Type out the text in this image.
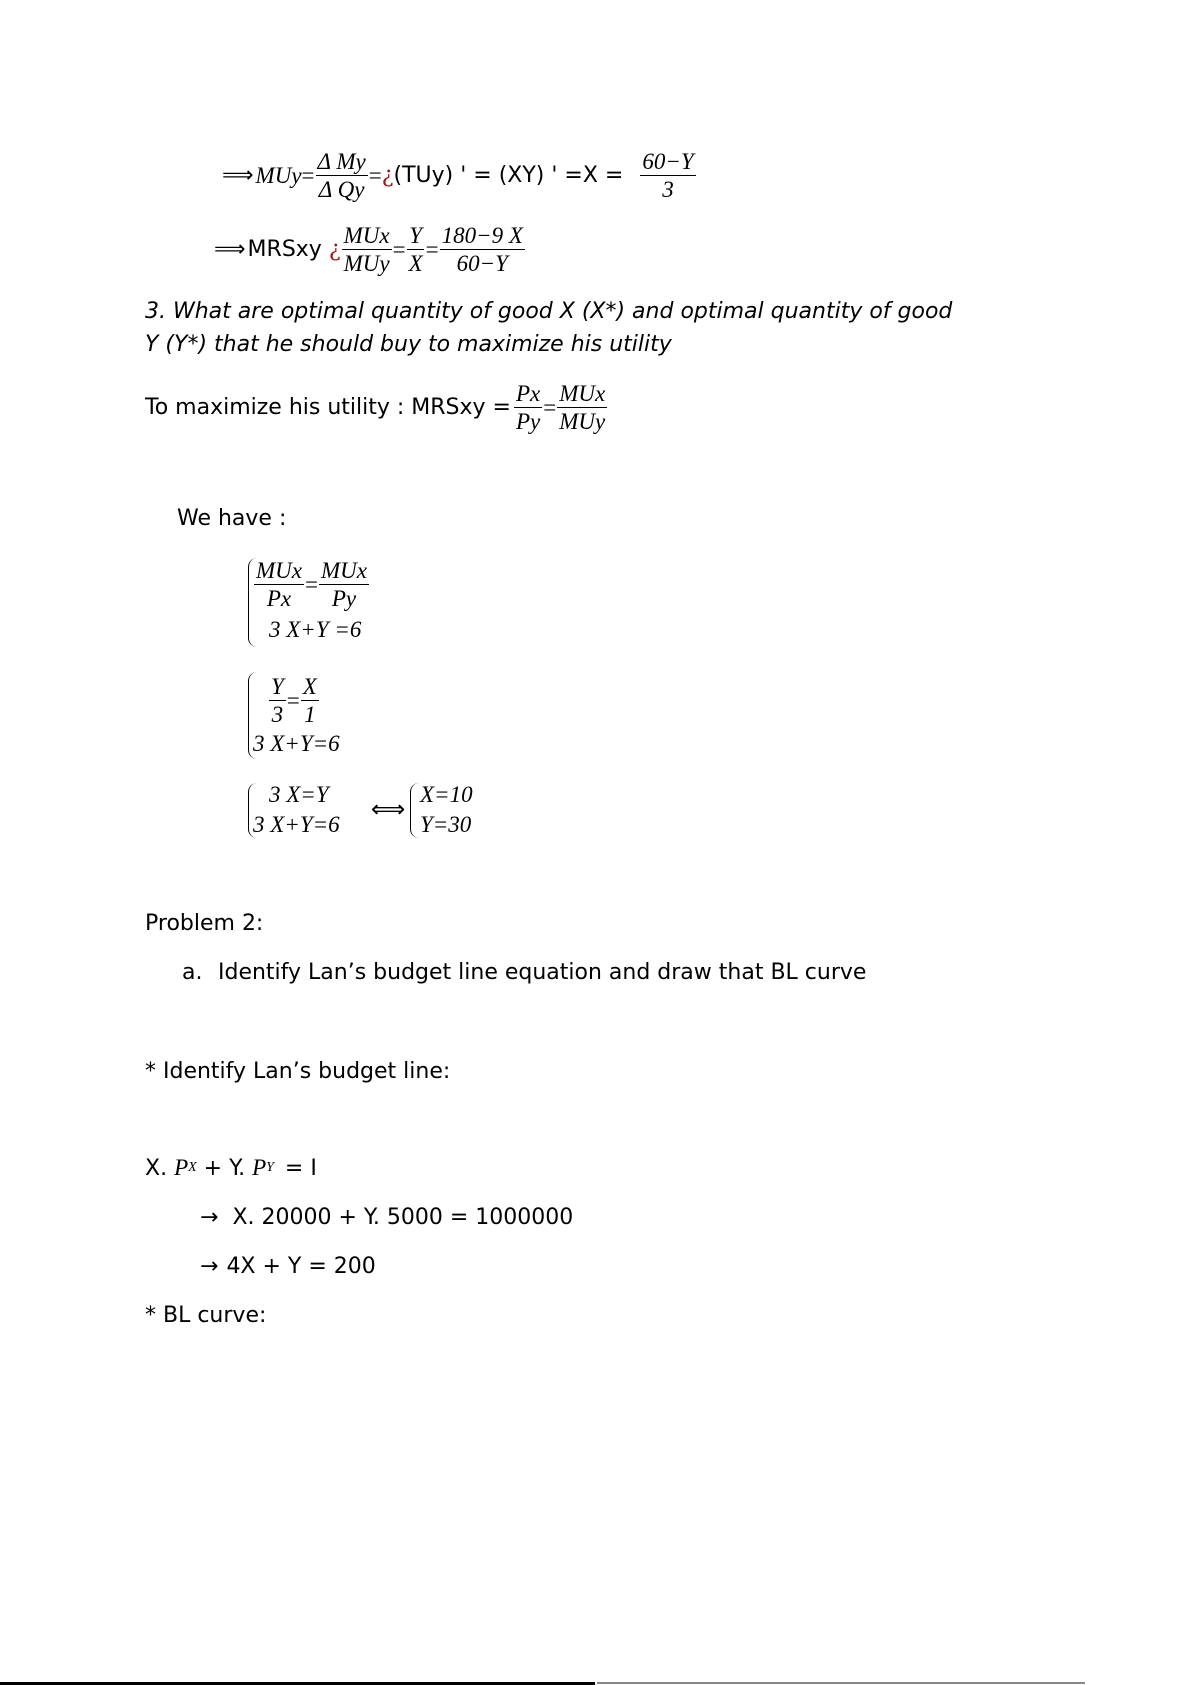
⟹ MUy = $\frac{\text{Δ My}}{\text{Δ Qy}}$ = ¿ (TUy) ' = (XY) ' $=X = \frac{60-Y}{3}$
⟹ MRSxy ¿ $\frac{\text{MUx}}{\text{MUy}} = \frac{Y}{X} = \frac{180-9 X}{60-Y}$
3. What are optimal quantity of good X (X*) and optimal quantity of good
Y (Y*) that he should buy to maximize his utility
To maximize his utility : MRSxy = $\frac{Px}{Py} = \frac{\text{MUx}}{\text{MUy}}$
We have :
$\frac{\text{MUx}}{Px} = \frac{\text{MUx}}{Py}$
3 X+Y =6
$\frac{Y}{3} = \frac{X}{1}$
3 X+Y=6
3 X=Y
3 X+Y=6
⟺
X=10
Y=30
Problem 2:
a. Identify Lan’s budget line equation and draw that BL curve
* Identify Lan’s budget line:
X. P X + Y. P Y = I
→ X. 20000 + Y. 5000 = 1000000
→ 4X + Y = 200
* BL curve:
